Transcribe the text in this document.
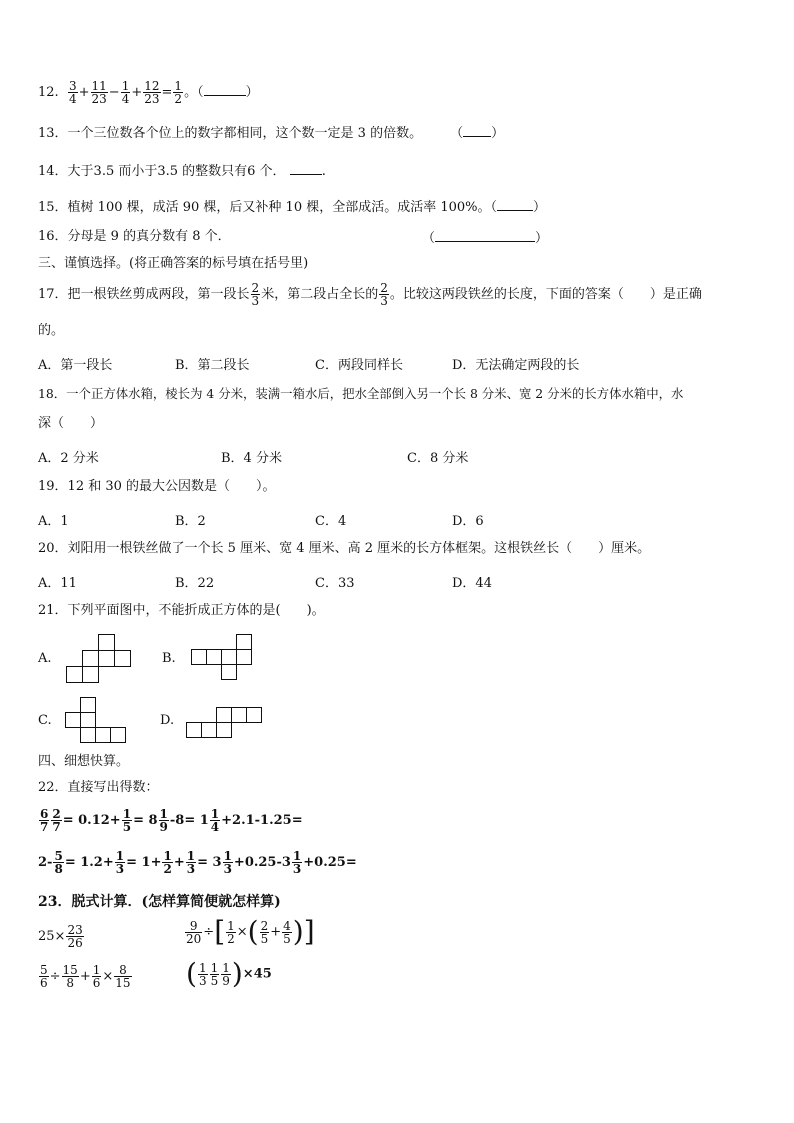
12. $\frac{3}{4} + \frac{11}{23} - \frac{1}{4} + \frac{12}{23} = \frac{1}{2}$ 。（	）
13．一个三位数各个位上的数字都相同，这个数一定是 3 的倍数。 （ ）
14．大于3.5 而小于3.5 的整数只有6 个．	.
15．植树 100 棵，成活 90 棵，后又补种 10 棵，全部成活。成活率 100%。（	）
16．分母是 9 的真分数有 8 个．	（	）
三、谨慎选择。(将正确答案的标号填在括号里)
17．把一根铁丝剪成两段，第一段长 $\frac{2}{3}$ 米，第二段占全长的 $\frac{2}{3}$ 。比较这两段铁丝的长度，下面的答案（　　）是正确
的。
A．第一段长	B．第二段长	C．两段同样长	D．无法确定两段的长
18．一个正方体水箱，棱长为 4 分米，装满一箱水后，把水全部倒入另一个长 8 分米、宽 2 分米的长方体水箱中，水
深（　　）
A．2 分米	B．4 分米	C．8 分米
19．12 和 30 的最大公因数是（　　）。
A．1	B．2	C．4	D．6
20．刘阳用一根铁丝做了一个长 5 厘米、宽 4 厘米、高 2 厘米的长方体框架。这根铁丝长（　　）厘米。
A．11	B．22	C．33	D．44
21．下列平面图中，不能折成正方体的是(　　)。
A.	B.
C.	D.
四、细想快算。
22．直接写出得数：
$\frac{6}{7} \frac{2}{7} = 0.12+ \frac{1}{5} = 8 \frac{1}{9} -8= 1 \frac{1}{4} +2.1-1.25=$
$2- \frac{5}{8} = 1.2+ \frac{1}{3} = 1+ \frac{1}{2} + \frac{1}{3} = 3 \frac{1}{3} +0.25-3 \frac{1}{3} +0.25=$
23．脱式计算．(怎样算简便就怎样算)
$25\times \frac{23}{26}$	$\frac{9}{20}$ ÷[ $\frac{1}{2}$ ×( $\frac{2}{5} + \frac{4}{5}$ )]
$\frac{5}{6} \div \frac{15}{8} + \frac{1}{6} \times \frac{8}{15}$ ( $\frac{1}{3} \frac{1}{5} \frac{1}{9} )\times 45$
